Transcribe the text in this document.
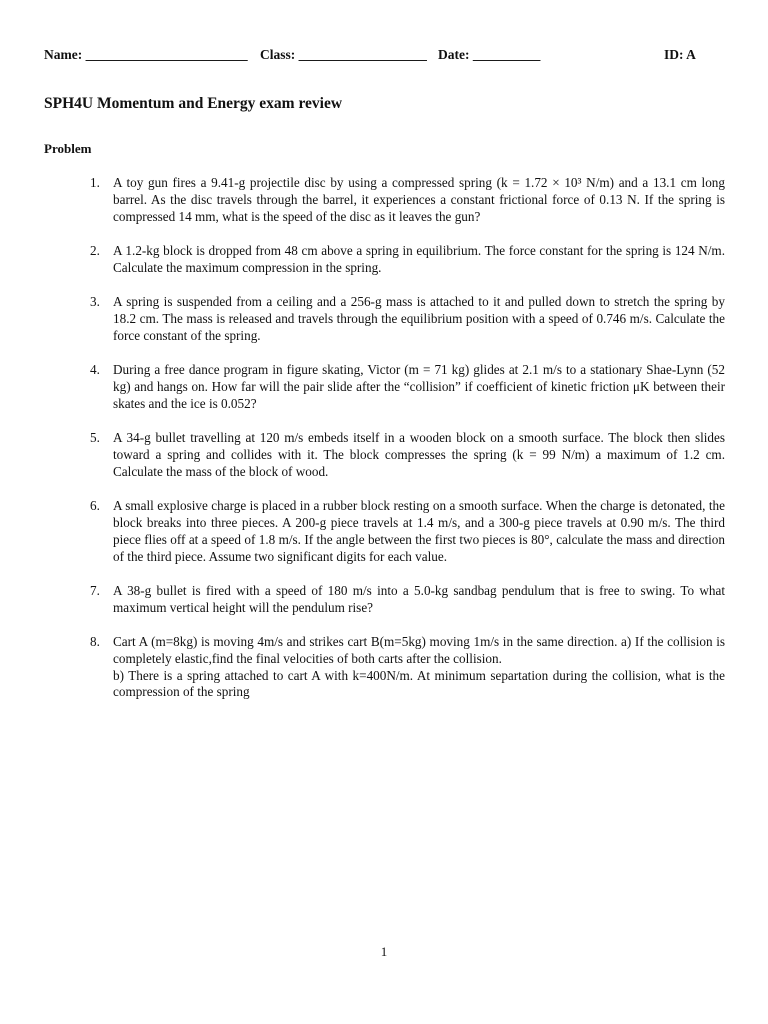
Name: ________________________ Class: ___________________ Date: __________	ID: A
SPH4U Momentum and Energy exam review
Problem
1. A toy gun fires a 9.41-g projectile disc by using a compressed spring (k = 1.72 × 10³ N/m) and a 13.1 cm long barrel. As the disc travels through the barrel, it experiences a constant frictional force of 0.13 N. If the spring is compressed 14 mm, what is the speed of the disc as it leaves the gun?
2. A 1.2-kg block is dropped from 48 cm above a spring in equilibrium. The force constant for the spring is 124 N/m. Calculate the maximum compression in the spring.
3. A spring is suspended from a ceiling and a 256-g mass is attached to it and pulled down to stretch the spring by 18.2 cm. The mass is released and travels through the equilibrium position with a speed of 0.746 m/s. Calculate the force constant of the spring.
4. During a free dance program in figure skating, Victor (m = 71 kg) glides at 2.1 m/s to a stationary Shae-Lynn (52 kg) and hangs on. How far will the pair slide after the “collision” if coefficient of kinetic friction μK between their skates and the ice is 0.052?
5. A 34-g bullet travelling at 120 m/s embeds itself in a wooden block on a smooth surface. The block then slides toward a spring and collides with it. The block compresses the spring (k = 99 N/m) a maximum of 1.2 cm. Calculate the mass of the block of wood.
6. A small explosive charge is placed in a rubber block resting on a smooth surface. When the charge is detonated, the block breaks into three pieces. A 200-g piece travels at 1.4 m/s, and a 300-g piece travels at 0.90 m/s. The third piece flies off at a speed of 1.8 m/s. If the angle between the first two pieces is 80°, calculate the mass and direction of the third piece. Assume two significant digits for each value.
7. A 38-g bullet is fired with a speed of 180 m/s into a 5.0-kg sandbag pendulum that is free to swing. To what maximum vertical height will the pendulum rise?
8. Cart A (m=8kg) is moving 4m/s and strikes cart B(m=5kg) moving 1m/s in the same direction. a) If the collision is completely elastic,find the final velocities of both carts after the collision.
b) There is a spring attached to cart A with k=400N/m. At minimum separtation during the collision, what is the compression of the spring
1
